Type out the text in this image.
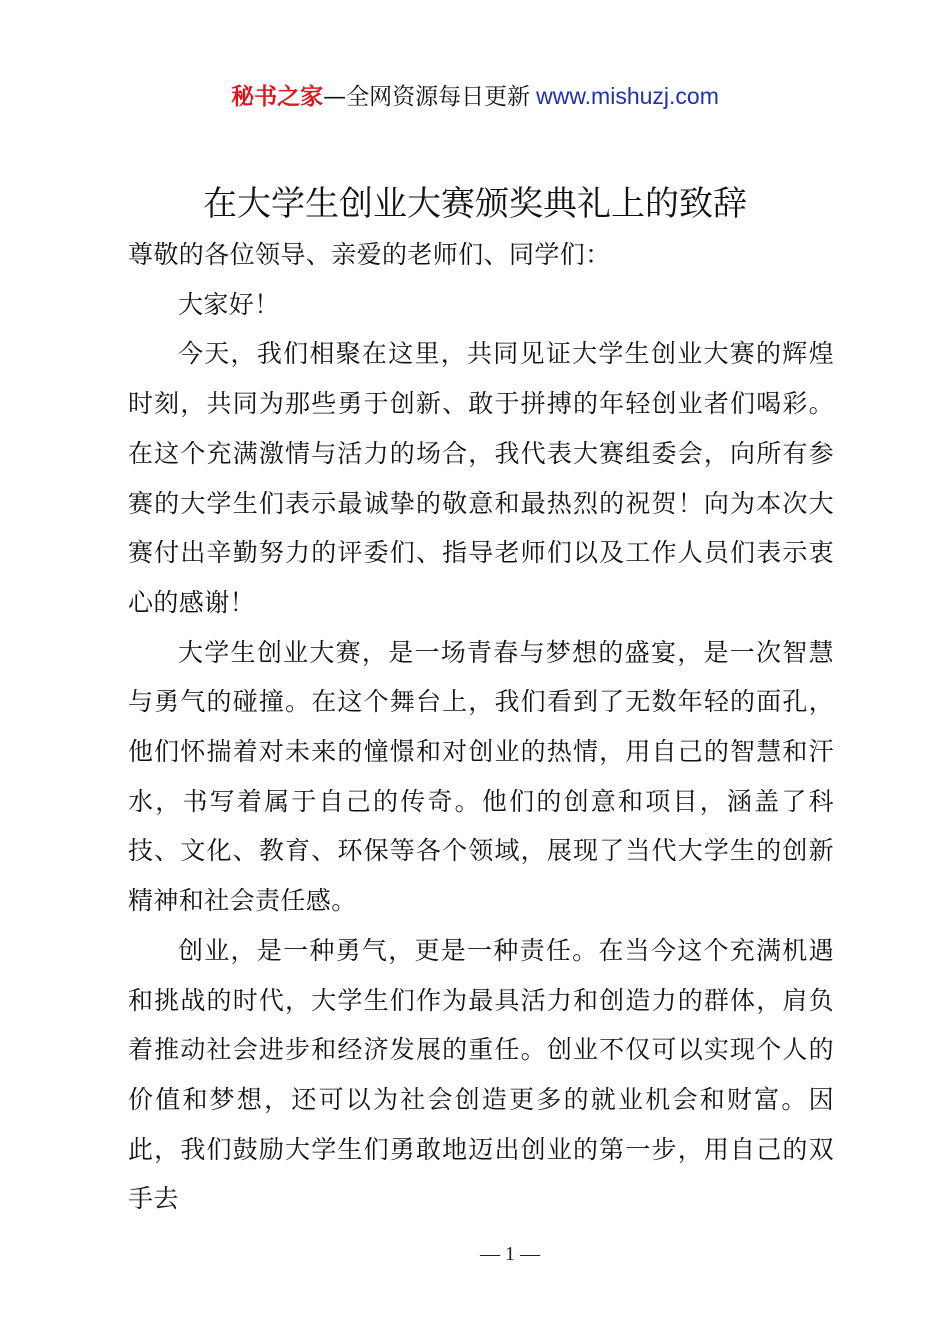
秘书之家—全网资源每日更新 www.mishuzj.com
在大学生创业大赛颁奖典礼上的致辞

尊敬的各位领导、亲爱的老师们、同学们：

大家好！

今天，我们相聚在这里，共同见证大学生创业大赛的辉煌时刻，共同为那些勇于创新、敢于拼搏的年轻创业者们喝彩。在这个充满激情与活力的场合，我代表大赛组委会，向所有参赛的大学生们表示最诚挚的敬意和最热烈的祝贺！向为本次大赛付出辛勤努力的评委们、指导老师们以及工作人员们表示衷心的感谢！

大学生创业大赛，是一场青春与梦想的盛宴，是一次智慧与勇气的碰撞。在这个舞台上，我们看到了无数年轻的面孔，他们怀揣着对未来的憧憬和对创业的热情，用自己的智慧和汗水，书写着属于自己的传奇。他们的创意和项目，涵盖了科技、文化、教育、环保等各个领域，展现了当代大学生的创新精神和社会责任感。

创业，是一种勇气，更是一种责任。在当今这个充满机遇和挑战的时代，大学生们作为最具活力和创造力的群体，肩负着推动社会进步和经济发展的重任。创业不仅可以实现个人的价值和梦想，还可以为社会创造更多的就业机会和财富。因此，我们鼓励大学生们勇敢地迈出创业的第一步，用自己的双手去

— 1 —
